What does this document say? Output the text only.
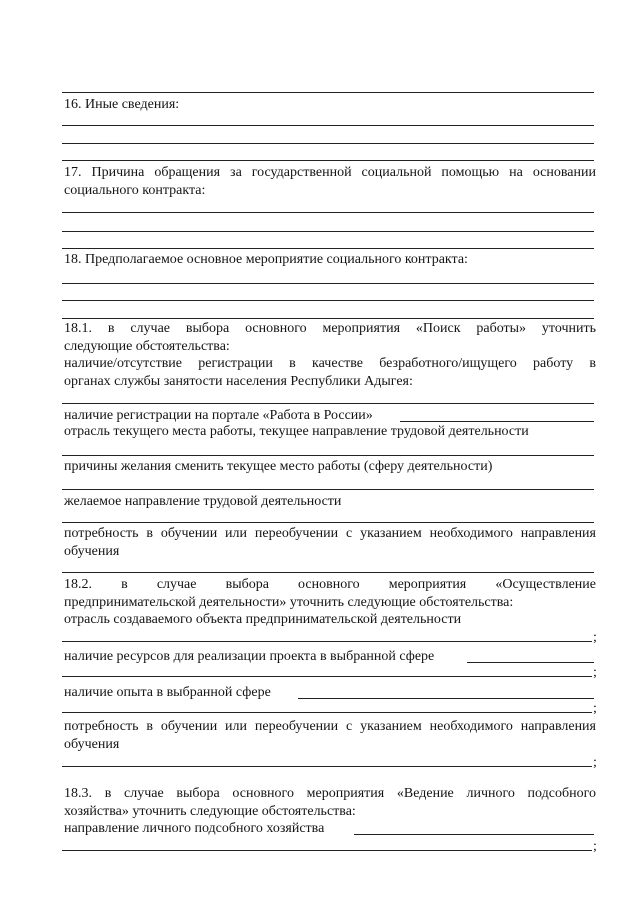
16. Иные сведения:
17. Причина обращения за государственной социальной помощью на основании
социального контракта:
18. Предполагаемое основное мероприятие социального контракта:
18.1. в случае выбора основного мероприятия «Поиск работы» уточнить
следующие обстоятельства:
наличие/отсутствие регистрации в качестве безработного/ищущего работу в
органах службы занятости населения Республики Адыгея:
наличие регистрации на портале «Работа в России»
отрасль текущего места работы, текущее направление трудовой деятельности
причины желания сменить текущее место работы (сферу деятельности)
желаемое направление трудовой деятельности
потребность в обучении или переобучении с указанием необходимого направления
обучения
18.2. в случае выбора основного мероприятия «Осуществление
предпринимательской деятельности» уточнить следующие обстоятельства:
отрасль создаваемого объекта предпринимательской деятельности
;
наличие ресурсов для реализации проекта в выбранной сфере
;
наличие опыта в выбранной сфере
;
потребность в обучении или переобучении с указанием необходимого направления
обучения
;
18.3. в случае выбора основного мероприятия «Ведение личного подсобного
хозяйства» уточнить следующие обстоятельства:
направление личного подсобного хозяйства
;
